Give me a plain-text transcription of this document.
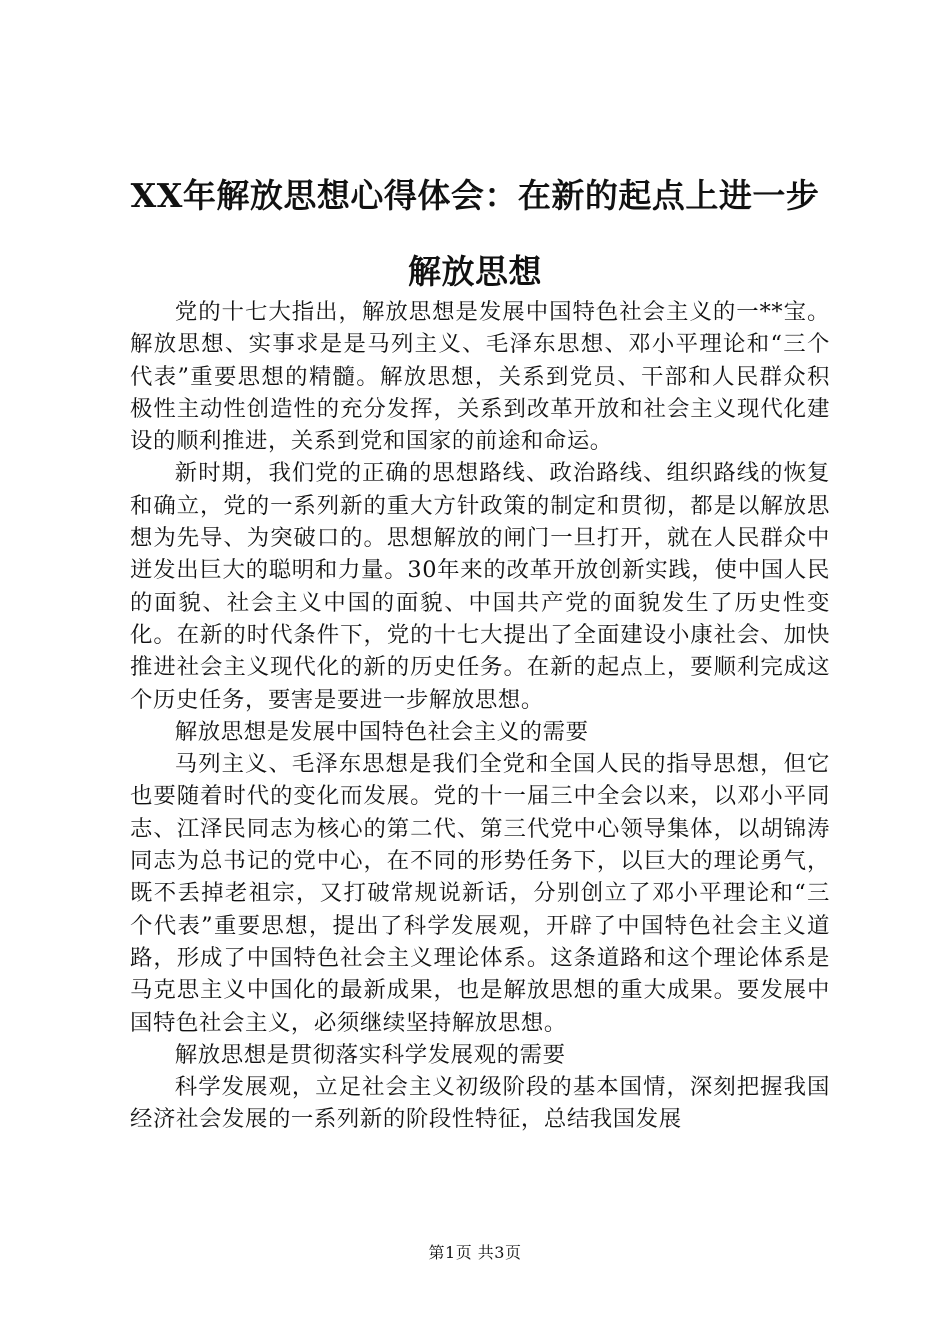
XX年解放思想心得体会：在新的起点上进一步解放思想

党的十七大指出，解放思想是发展中国特色社会主义的一**宝。解放思想、实事求是是马列主义、毛泽东思想、邓小平理论和“三个代表”重要思想的精髓。解放思想，关系到党员、干部和人民群众积极性主动性创造性的充分发挥，关系到改革开放和社会主义现代化建设的顺利推进，关系到党和国家的前途和命运。

新时期，我们党的正确的思想路线、政治路线、组织路线的恢复和确立，党的一系列新的重大方针政策的制定和贯彻，都是以解放思想为先导、为突破口的。思想解放的闸门一旦打开，就在人民群众中迸发出巨大的聪明和力量。30年来的改革开放创新实践，使中国人民的面貌、社会主义中国的面貌、中国共产党的面貌发生了历史性变化。在新的时代条件下，党的十七大提出了全面建设小康社会、加快推进社会主义现代化的新的历史任务。在新的起点上，要顺利完成这个历史任务，要害是要进一步解放思想。

解放思想是发展中国特色社会主义的需要

马列主义、毛泽东思想是我们全党和全国人民的指导思想，但它也要随着时代的变化而发展。党的十一届三中全会以来，以邓小平同志、江泽民同志为核心的第二代、第三代党中心领导集体，以胡锦涛同志为总书记的党中心，在不同的形势任务下，以巨大的理论勇气，既不丢掉老祖宗，又打破常规说新话，分别创立了邓小平理论和“三个代表”重要思想，提出了科学发展观，开辟了中国特色社会主义道路，形成了中国特色社会主义理论体系。这条道路和这个理论体系是马克思主义中国化的最新成果，也是解放思想的重大成果。要发展中国特色社会主义，必须继续坚持解放思想。

解放思想是贯彻落实科学发展观的需要

科学发展观，立足社会主义初级阶段的基本国情，深刻把握我国经济社会发展的一系列新的阶段性特征，总结我国发展

第1页 共3页
